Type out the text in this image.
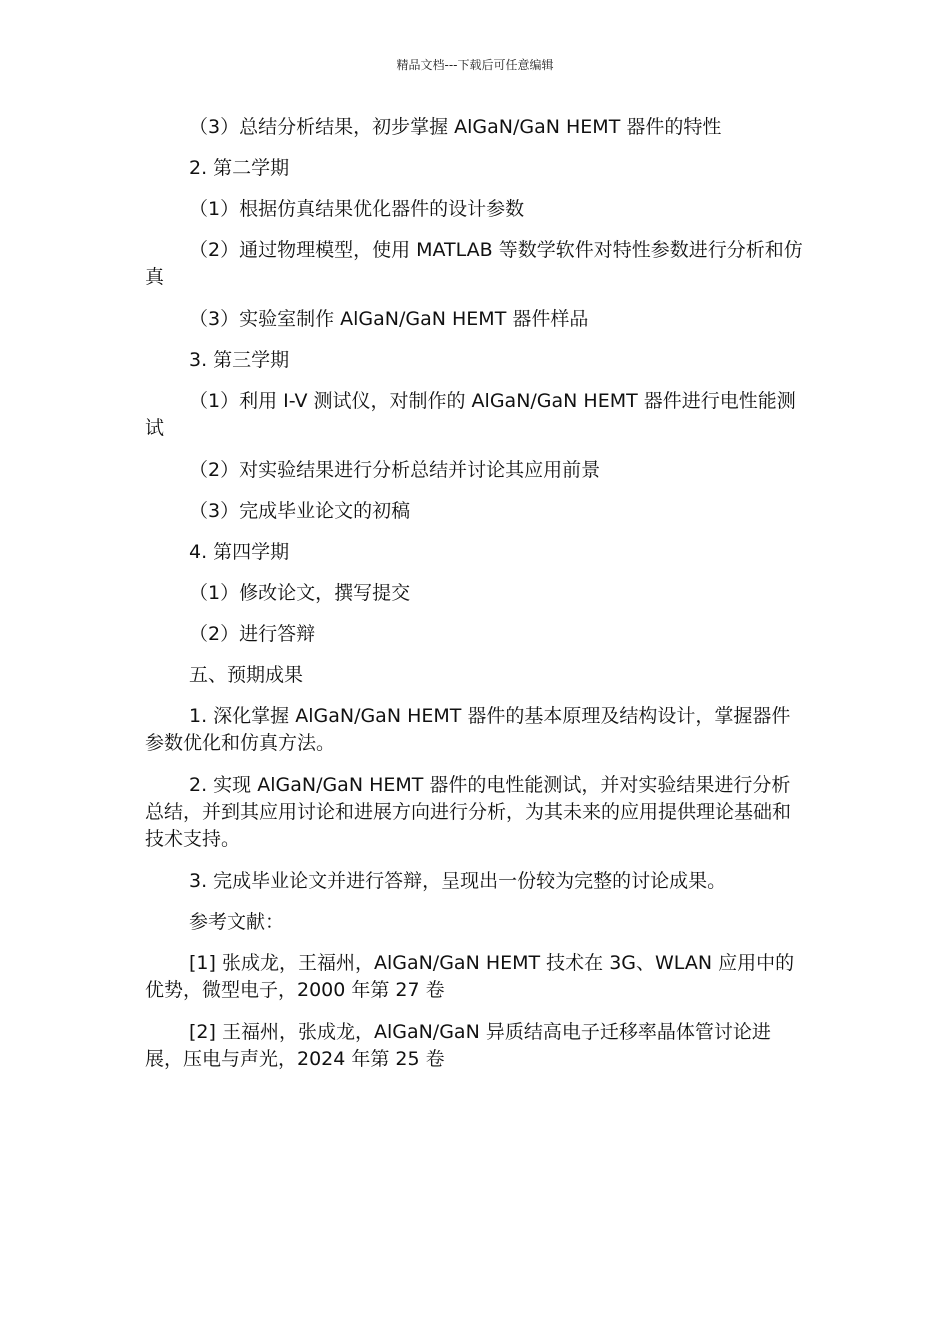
精品文档---下载后可任意编辑

（3）总结分析结果，初步掌握 AlGaN/GaN HEMT 器件的特性

2. 第二学期

（1）根据仿真结果优化器件的设计参数

（2）通过物理模型，使用 MATLAB 等数学软件对特性参数进行分析和仿真

（3）实验室制作 AlGaN/GaN HEMT 器件样品

3. 第三学期

（1）利用 I-V 测试仪，对制作的 AlGaN/GaN HEMT 器件进行电性能测试

（2）对实验结果进行分析总结并讨论其应用前景

（3）完成毕业论文的初稿

4. 第四学期

（1）修改论文，撰写提交

（2）进行答辩

五、预期成果

1. 深化掌握 AlGaN/GaN HEMT 器件的基本原理及结构设计，掌握器件参数优化和仿真方法。

2. 实现 AlGaN/GaN HEMT 器件的电性能测试，并对实验结果进行分析总结，并到其应用讨论和进展方向进行分析，为其未来的应用提供理论基础和技术支持。

3. 完成毕业论文并进行答辩，呈现出一份较为完整的讨论成果。

参考文献：

[1] 张成龙，王福州，AlGaN/GaN HEMT 技术在 3G、WLAN 应用中的优势，微型电子，2000 年第 27 卷

[2] 王福州，张成龙，AlGaN/GaN 异质结高电子迁移率晶体管讨论进展，压电与声光，2024 年第 25 卷
